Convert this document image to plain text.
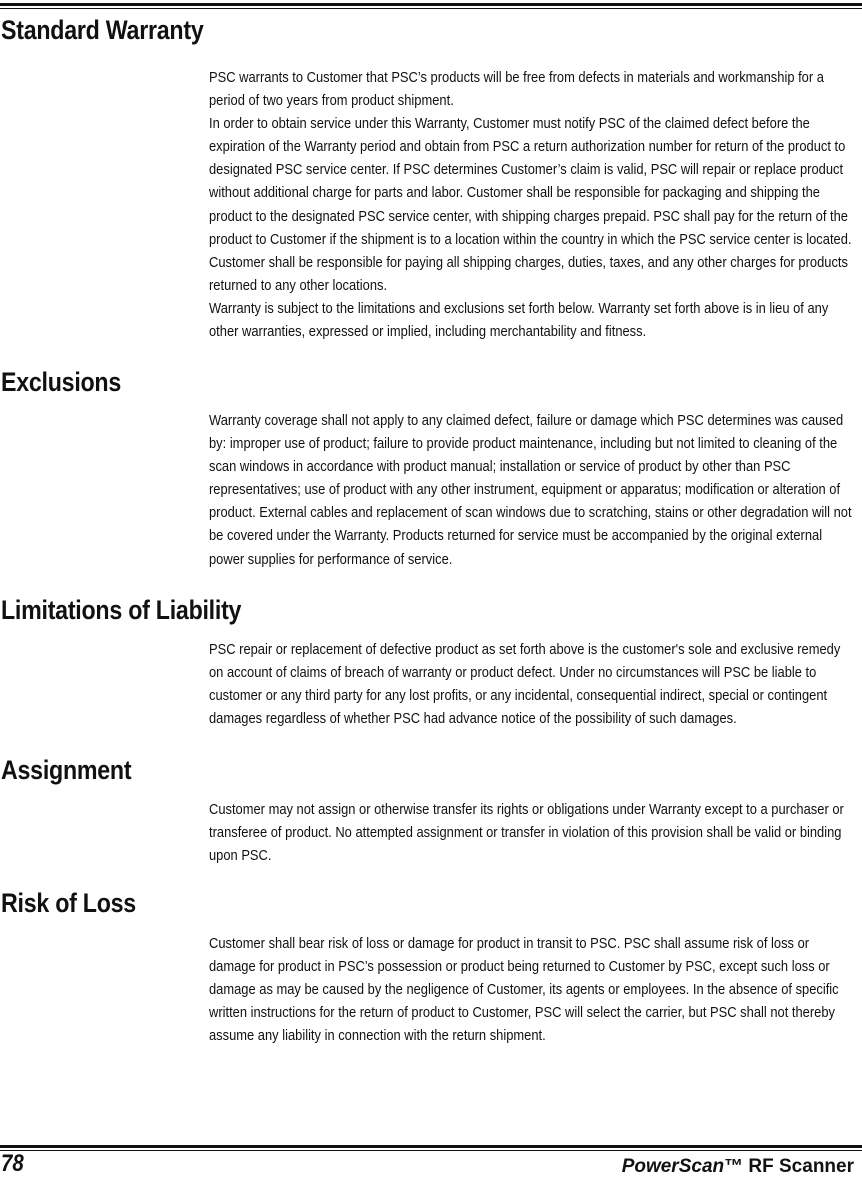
Standard Warranty
PSC warrants to Customer that PSC’s products will be free from defects in materials and workmanship for a period of two years from product shipment.
In order to obtain service under this Warranty, Customer must notify PSC of the claimed defect before the expiration of the Warranty period and obtain from PSC a return authorization number for return of the product to designated PSC service center. If PSC determines Customer’s claim is valid, PSC will repair or replace product without additional charge for parts and labor. Customer shall be responsible for packaging and shipping the product to the designated PSC service center, with shipping charges prepaid. PSC shall pay for the return of the product to Customer if the shipment is to a location within the country in which the PSC service center is located. Customer shall be responsible for paying all shipping charges, duties, taxes, and any other charges for products returned to any other locations.
Warranty is subject to the limitations and exclusions set forth below. Warranty set forth above is in lieu of any other warranties, expressed or implied, including merchantability and fitness.
Exclusions
Warranty coverage shall not apply to any claimed defect, failure or damage which PSC determines was caused by: improper use of product; failure to provide product maintenance, including but not limited to cleaning of the scan windows in accordance with product manual; installation or service of product by other than PSC representatives; use of product with any other instrument, equipment or apparatus; modification or alteration of product. External cables and replacement of scan windows due to scratching, stains or other degradation will not be covered under the Warranty. Products returned for service must be accompanied by the original external power supplies for performance of service.
Limitations of Liability
PSC repair or replacement of defective product as set forth above is the customer's sole and exclusive remedy on account of claims of breach of warranty or product defect. Under no circumstances will PSC be liable to customer or any third party for any lost profits, or any incidental, consequential indirect, special or contingent damages regardless of whether PSC had advance notice of the possibility of such damages.
Assignment
Customer may not assign or otherwise transfer its rights or obligations under Warranty except to a purchaser or transferee of product. No attempted assignment or transfer in violation of this provision shall be valid or binding upon PSC.
Risk of Loss
Customer shall bear risk of loss or damage for product in transit to PSC. PSC shall assume risk of loss or damage for product in PSC’s possession or product being returned to Customer by PSC, except such loss or damage as may be caused by the negligence of Customer, its agents or employees. In the absence of specific written instructions for the return of product to Customer, PSC will select the carrier, but PSC shall not thereby assume any liability in connection with the return shipment.
78	PowerScan™ RF Scanner
